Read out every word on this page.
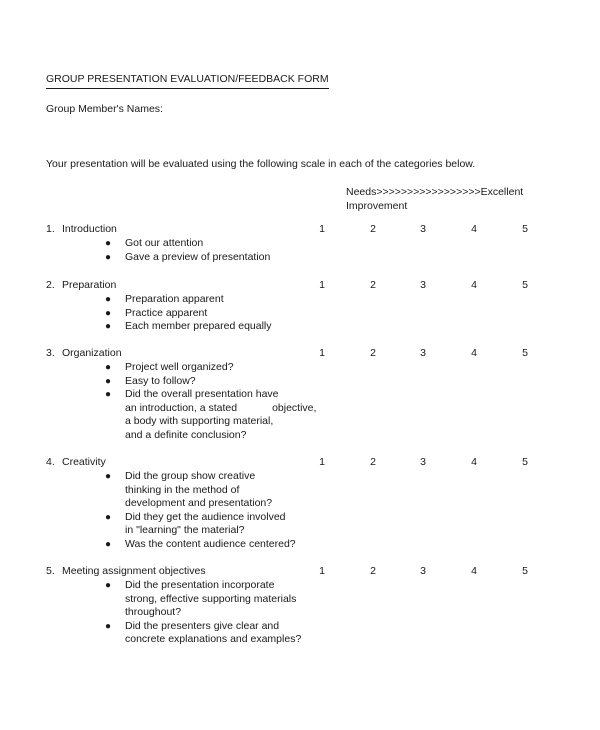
GROUP PRESENTATION EVALUATION/FEEDBACK FORM
Group Member's Names:
Your presentation will be evaluated using the following scale in each of the categories below.
Needs>>>>>>>>>>>>>>>>>Excellent
Improvement
1. Introduction	1	2	3	4	5
● Got our attention
● Gave a preview of presentation
2. Preparation	1	2	3	4	5
● Preparation apparent
● Practice apparent
● Each member prepared equally
3. Organization	1	2	3	4	5
● Project well organized?
● Easy to follow?
● Did the overall presentation have
an introduction, a stated            objective,
a body with supporting material,
and a definite conclusion?
4. Creativity	1	2	3	4	5
● Did the group show creative
thinking in the method of
development and presentation?
● Did they get the audience involved
in "learning" the material?
● Was the content audience centered?
5. Meeting assignment objectives	1	2	3	4	5
● Did the presentation incorporate
strong, effective supporting materials
throughout?
● Did the presenters give clear and
concrete explanations and examples?
